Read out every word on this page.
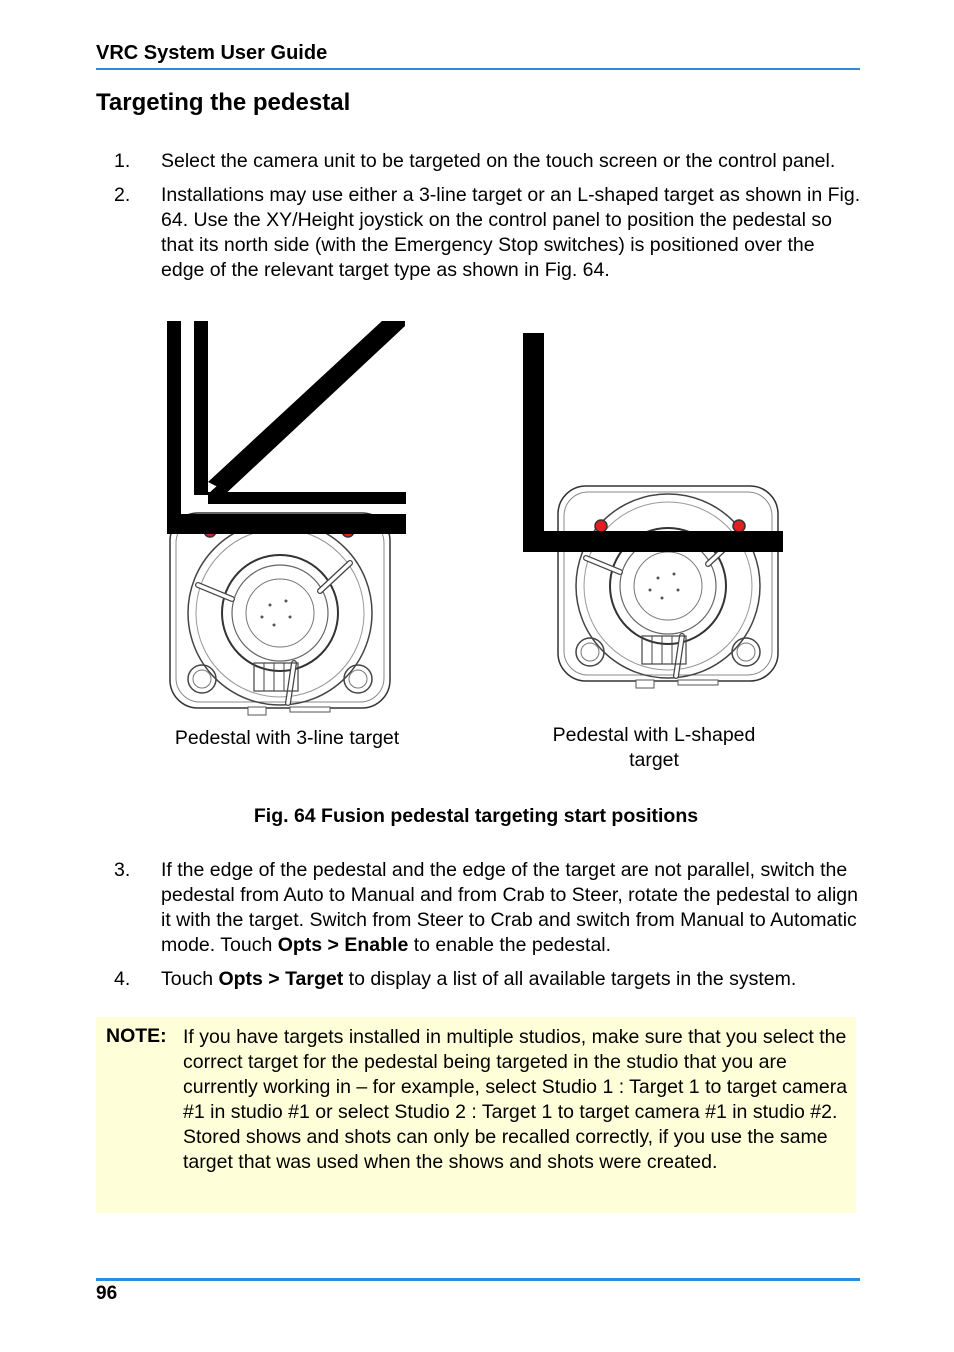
VRC System User Guide
Targeting the pedestal
1.	Select the camera unit to be targeted on the touch screen or the control panel.
2.	Installations may use either a 3-line target or an L-shaped target as shown in Fig. 64. Use the XY/Height joystick on the control panel to position the pedestal so that its north side (with the Emergency Stop switches) is positioned over the edge of the relevant target type as shown in Fig. 64.
Pedestal with 3-line target	Pedestal with L-shaped target
Fig. 64 Fusion pedestal targeting start positions
3.	If the edge of the pedestal and the edge of the target are not parallel, switch the pedestal from Auto to Manual and from Crab to Steer, rotate the pedestal to align it with the target. Switch from Steer to Crab and switch from Manual to Automatic mode. Touch Opts > Enable to enable the pedestal.
4.	Touch Opts > Target to display a list of all available targets in the system.
NOTE: If you have targets installed in multiple studios, make sure that you select the correct target for the pedestal being targeted in the studio that you are currently working in – for example, select Studio 1 : Target 1 to target camera #1 in studio #1 or select Studio 2 : Target 1 to target camera #1 in studio #2. Stored shows and shots can only be recalled correctly, if you use the same target that was used when the shows and shots were created.
96
